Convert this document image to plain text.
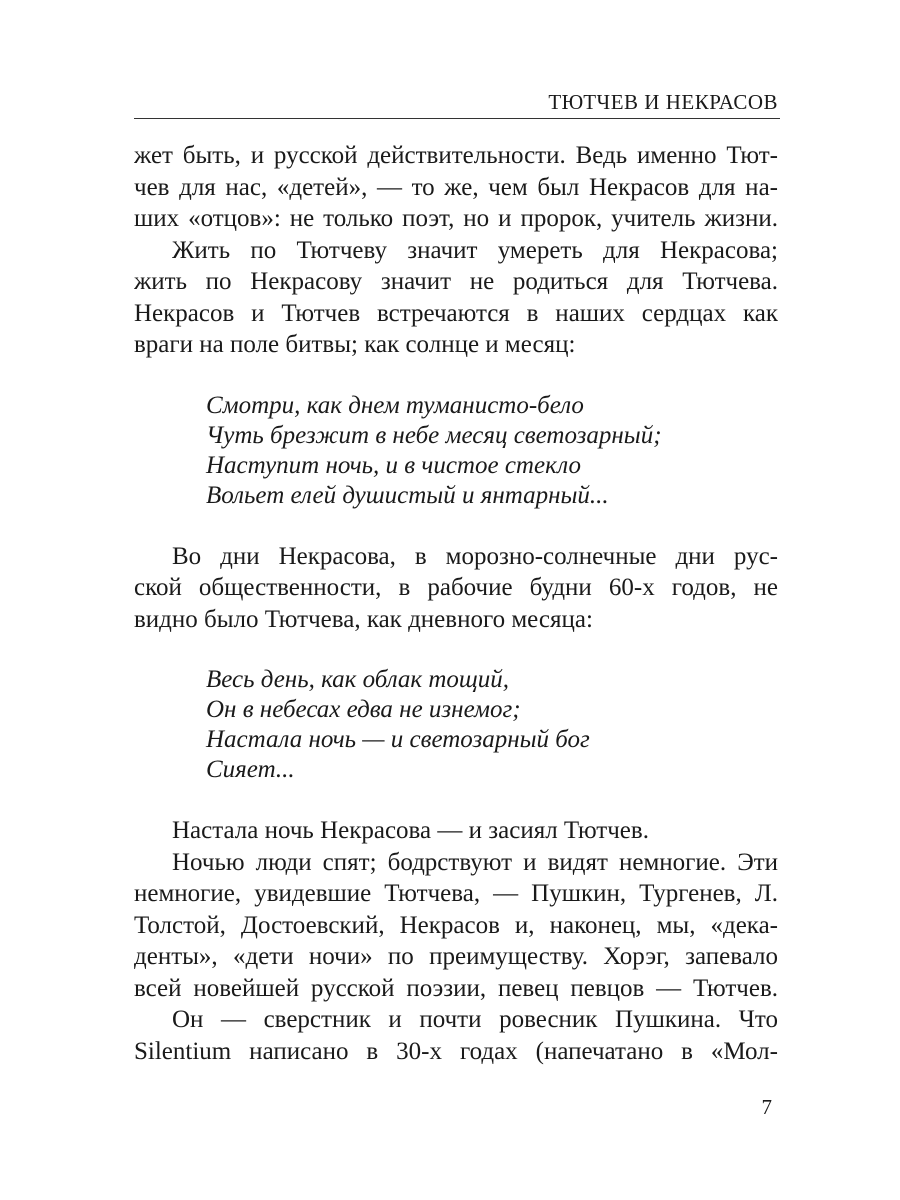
ТЮТЧЕВ И НЕКРАСОВ
жет быть, и русской действительности. Ведь именно Тют-
чев для нас, «детей», — то же, чем был Некрасов для на-
ших «отцов»: не только поэт, но и пророк, учитель жизни.
Жить по Тютчеву значит умереть для Некрасова;
жить по Некрасову значит не родиться для Тютчева.
Некрасов и Тютчев встречаются в наших сердцах как
враги на поле битвы; как солнце и месяц:
Смотри, как днем туманисто-бело
Чуть брезжит в небе месяц светозарный;
Наступит ночь, и в чистое стекло
Вольет елей душистый и янтарный...
Во дни Некрасова, в морозно-солнечные дни рус-
ской общественности, в рабочие будни 60-х годов, не
видно было Тютчева, как дневного месяца:
Весь день, как облак тощий,
Он в небесах едва не изнемог;
Настала ночь — и светозарный бог
Сияет...
Настала ночь Некрасова — и засиял Тютчев.
Ночью люди спят; бодрствуют и видят немногие. Эти
немногие, увидевшие Тютчева, — Пушкин, Тургенев, Л.
Толстой, Достоевский, Некрасов и, наконец, мы, «дека-
денты», «дети ночи» по преимуществу. Хорэг, запевало
всей новейшей русской поэзии, певец певцов — Тютчев.
Он — сверстник и почти ровесник Пушкина. Что
Silentium написано в 30-х годах (напечатано в «Мол-
7
